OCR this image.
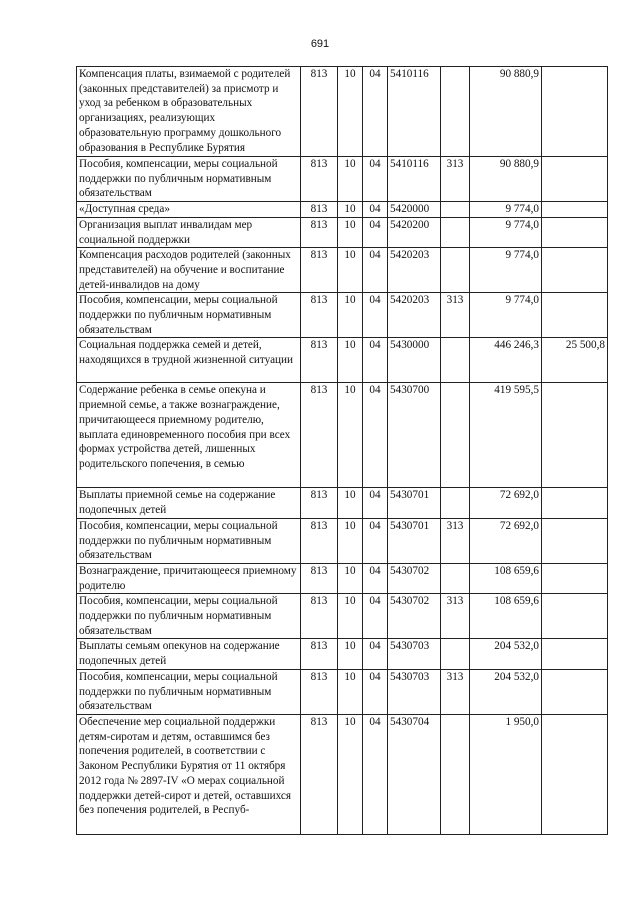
691
Компенсация платы, взимаемой с родителей (законных представителей) за присмотр и уход за ребенком в образовательных организациях, реализующих образовательную программу дошкольного образования в Республике Бурятия	813	10	04	5410116		90 880,9	
Пособия, компенсации, меры социальной поддержки по публичным нормативным обязательствам	813	10	04	5410116	313	90 880,9	
«Доступная среда»	813	10	04	5420000		9 774,0	
Организация выплат инвалидам мер социальной поддержки	813	10	04	5420200		9 774,0	
Компенсация расходов родителей (законных представителей) на обучение и воспитание детей-инвалидов на дому	813	10	04	5420203		9 774,0	
Пособия, компенсации, меры социальной поддержки по публичным нормативным обязательствам	813	10	04	5420203	313	9 774,0	
Социальная поддержка семей и детей, находящихся в трудной жизненной ситуации	813	10	04	5430000		446 246,3	25 500,8
Содержание ребенка в семье опекуна и приемной семье, а также вознаграждение, причитающееся приемному родителю, выплата единовременного пособия при всех формах устройства детей, лишенных родительского попечения, в семью	813	10	04	5430700		419 595,5	
Выплаты приемной семье на содержание подопечных детей	813	10	04	5430701		72 692,0	
Пособия, компенсации, меры социальной поддержки по публичным нормативным обязательствам	813	10	04	5430701	313	72 692,0	
Вознаграждение, причитающееся приемному родителю	813	10	04	5430702		108 659,6	
Пособия, компенсации, меры социальной поддержки по публичным нормативным обязательствам	813	10	04	5430702	313	108 659,6	
Выплаты семьям опекунов на содержание подопечных детей	813	10	04	5430703		204 532,0	
Пособия, компенсации, меры социальной поддержки по публичным нормативным обязательствам	813	10	04	5430703	313	204 532,0	
Обеспечение мер социальной поддержки детям-сиротам и детям, оставшимся без попечения родителей, в соответствии с Законом Республики Бурятия от 11 октября 2012 года № 2897-IV «О мерах социальной поддержки детей-сирот и детей, оставшихся без попечения родителей, в Респуб-	813	10	04	5430704		1 950,0	
